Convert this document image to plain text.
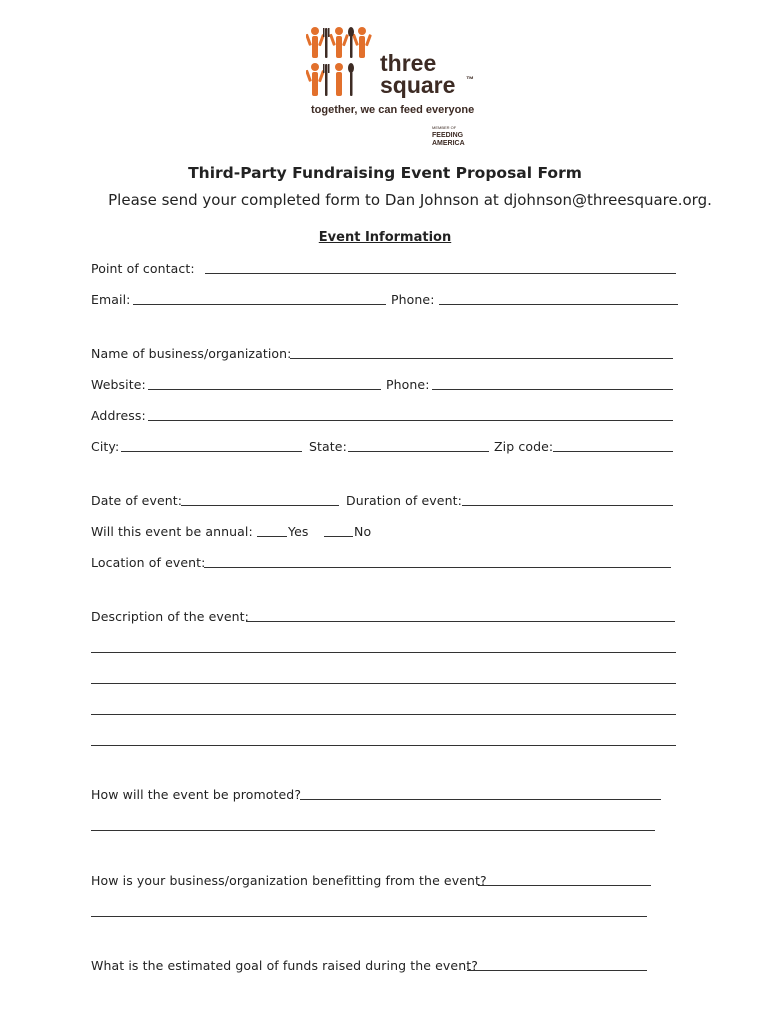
three
square ™
together, we can feed everyone
MEMBER OF
FEEDING
AMERICA
Third-Party Fundraising Event Proposal Form
Please send your completed form to Dan Johnson at djohnson@threesquare.org.
Event Information
Point of contact:
Email:	Phone:
Name of business/organization:
Website:	Phone:
Address:
City:	State:	Zip code:
Date of event:	Duration of event:
Will this event be annual:	Yes	No
Location of event:
Description of the event:
How will the event be promoted?
How is your business/organization benefitting from the event?
What is the estimated goal of funds raised during the event?
